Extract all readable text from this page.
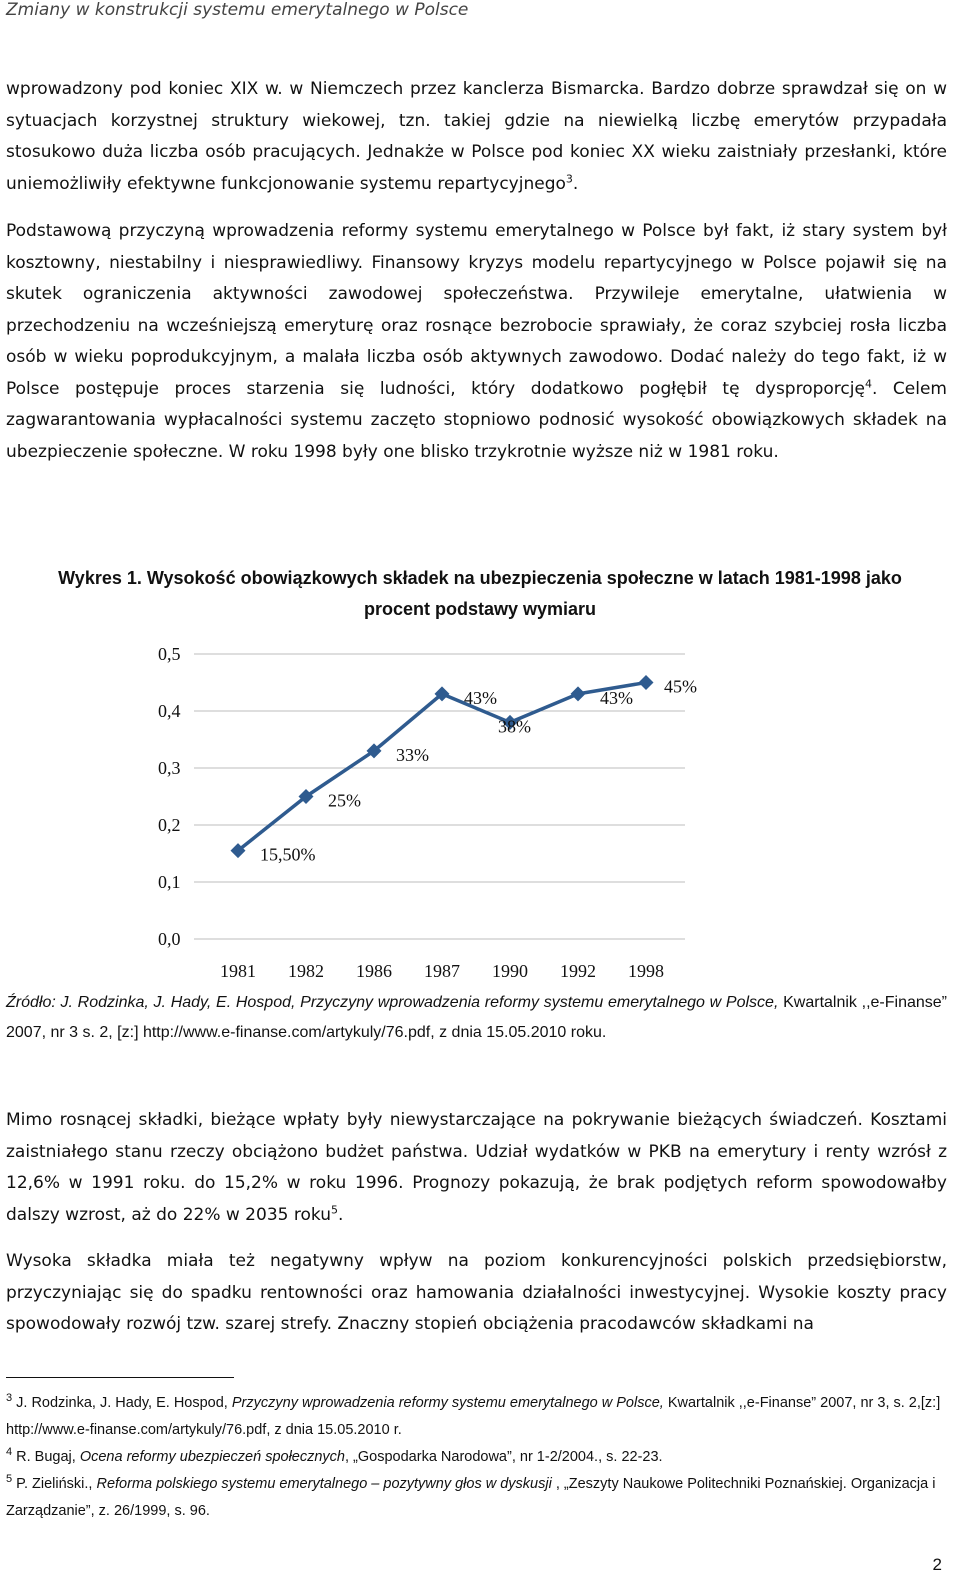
Zmiany w konstrukcji systemu emerytalnego w Polsce

wprowadzony pod koniec XIX w. w Niemczech przez kanclerza Bismarcka. Bardzo dobrze sprawdzał się on w sytuacjach korzystnej struktury wiekowej, tzn. takiej gdzie na niewielką liczbę emerytów przypadała stosukowo duża liczba osób pracujących. Jednakże w Polsce pod koniec XX wieku zaistniały przesłanki, które uniemożliwiły efektywne funkcjonowanie systemu repartycyjnego$^3$.

Podstawową przyczyną wprowadzenia reformy systemu emerytalnego w Polsce był fakt, iż stary system był kosztowny, niestabilny i niesprawiedliwy. Finansowy kryzys modelu repartycyjnego w Polsce pojawił się na skutek ograniczenia aktywności zawodowej społeczeństwa. Przywileje emerytalne, ułatwienia w przechodzeniu na wcześniejszą emeryturę oraz rosnące bezrobocie sprawiały, że coraz szybciej rosła liczba osób w wieku poprodukcyjnym, a malała liczba osób aktywnych zawodowo. Dodać należy do tego fakt, iż w Polsce postępuje proces starzenia się ludności, który dodatkowo pogłębił tę dysproporcję$^4$. Celem zagwarantowania wypłacalności systemu zaczęto stopniowo podnosić wysokość obowiązkowych składek na ubezpieczenie społeczne. W roku 1998 były one blisko trzykrotnie wyższe niż w 1981 roku.

Wykres 1. Wysokość obowiązkowych składek na ubezpieczenia społeczne w latach 1981-1998 jako
procent podstawy wymiaru
0,0
0,1
0,2
0,3
0,4
0,5
1981 1982 1986 1987 1990 1992 1998
15,50%
25%
33%
43%
38%
43%
45%
Źródło: J. Rodzinka, J. Hady, E. Hospod, Przyczyny wprowadzenia reformy systemu emerytalnego w Polsce, Kwartalnik ,,e-Finanse” 2007, nr 3 s. 2, [z:] http://www.e-finanse.com/artykuly/76.pdf, z dnia 15.05.2010 roku.

Mimo rosnącej składki, bieżące wpłaty były niewystarczające na pokrywanie bieżących świadczeń. Kosztami zaistniałego stanu rzeczy obciążono budżet państwa. Udział wydatków w PKB na emerytury i renty wzrósł z 12,6% w 1991 roku. do 15,2% w roku 1996. Prognozy pokazują, że brak podjętych reform spowodowałby dalszy wzrost, aż do 22% w 2035 roku$^5$.

Wysoka składka miała też negatywny wpływ na poziom konkurencyjności polskich przedsiębiorstw, przyczyniając się do spadku rentowności oraz hamowania działalności inwestycyjnej. Wysokie koszty pracy spowodowały rozwój tzw. szarej strefy. Znaczny stopień obciążenia pracodawców składkami na

$^3$ J. Rodzinka, J. Hady, E. Hospod, Przyczyny wprowadzenia reformy systemu emerytalnego w Polsce, Kwartalnik ,,e-Finanse” 2007, nr 3, s. 2,[z:] http://www.e-finanse.com/artykuly/76.pdf, z dnia 15.05.2010 r.
$^4$ R. Bugaj, Ocena reformy ubezpieczeń społecznych, „Gospodarka Narodowa”, nr 1-2/2004., s. 22-23.
$^5$ P. Zieliński., Reforma polskiego systemu emerytalnego – pozytywny głos w dyskusji , „Zeszyty Naukowe Politechniki Poznańskiej. Organizacja i Zarządzanie”, z. 26/1999, s. 96.
2
